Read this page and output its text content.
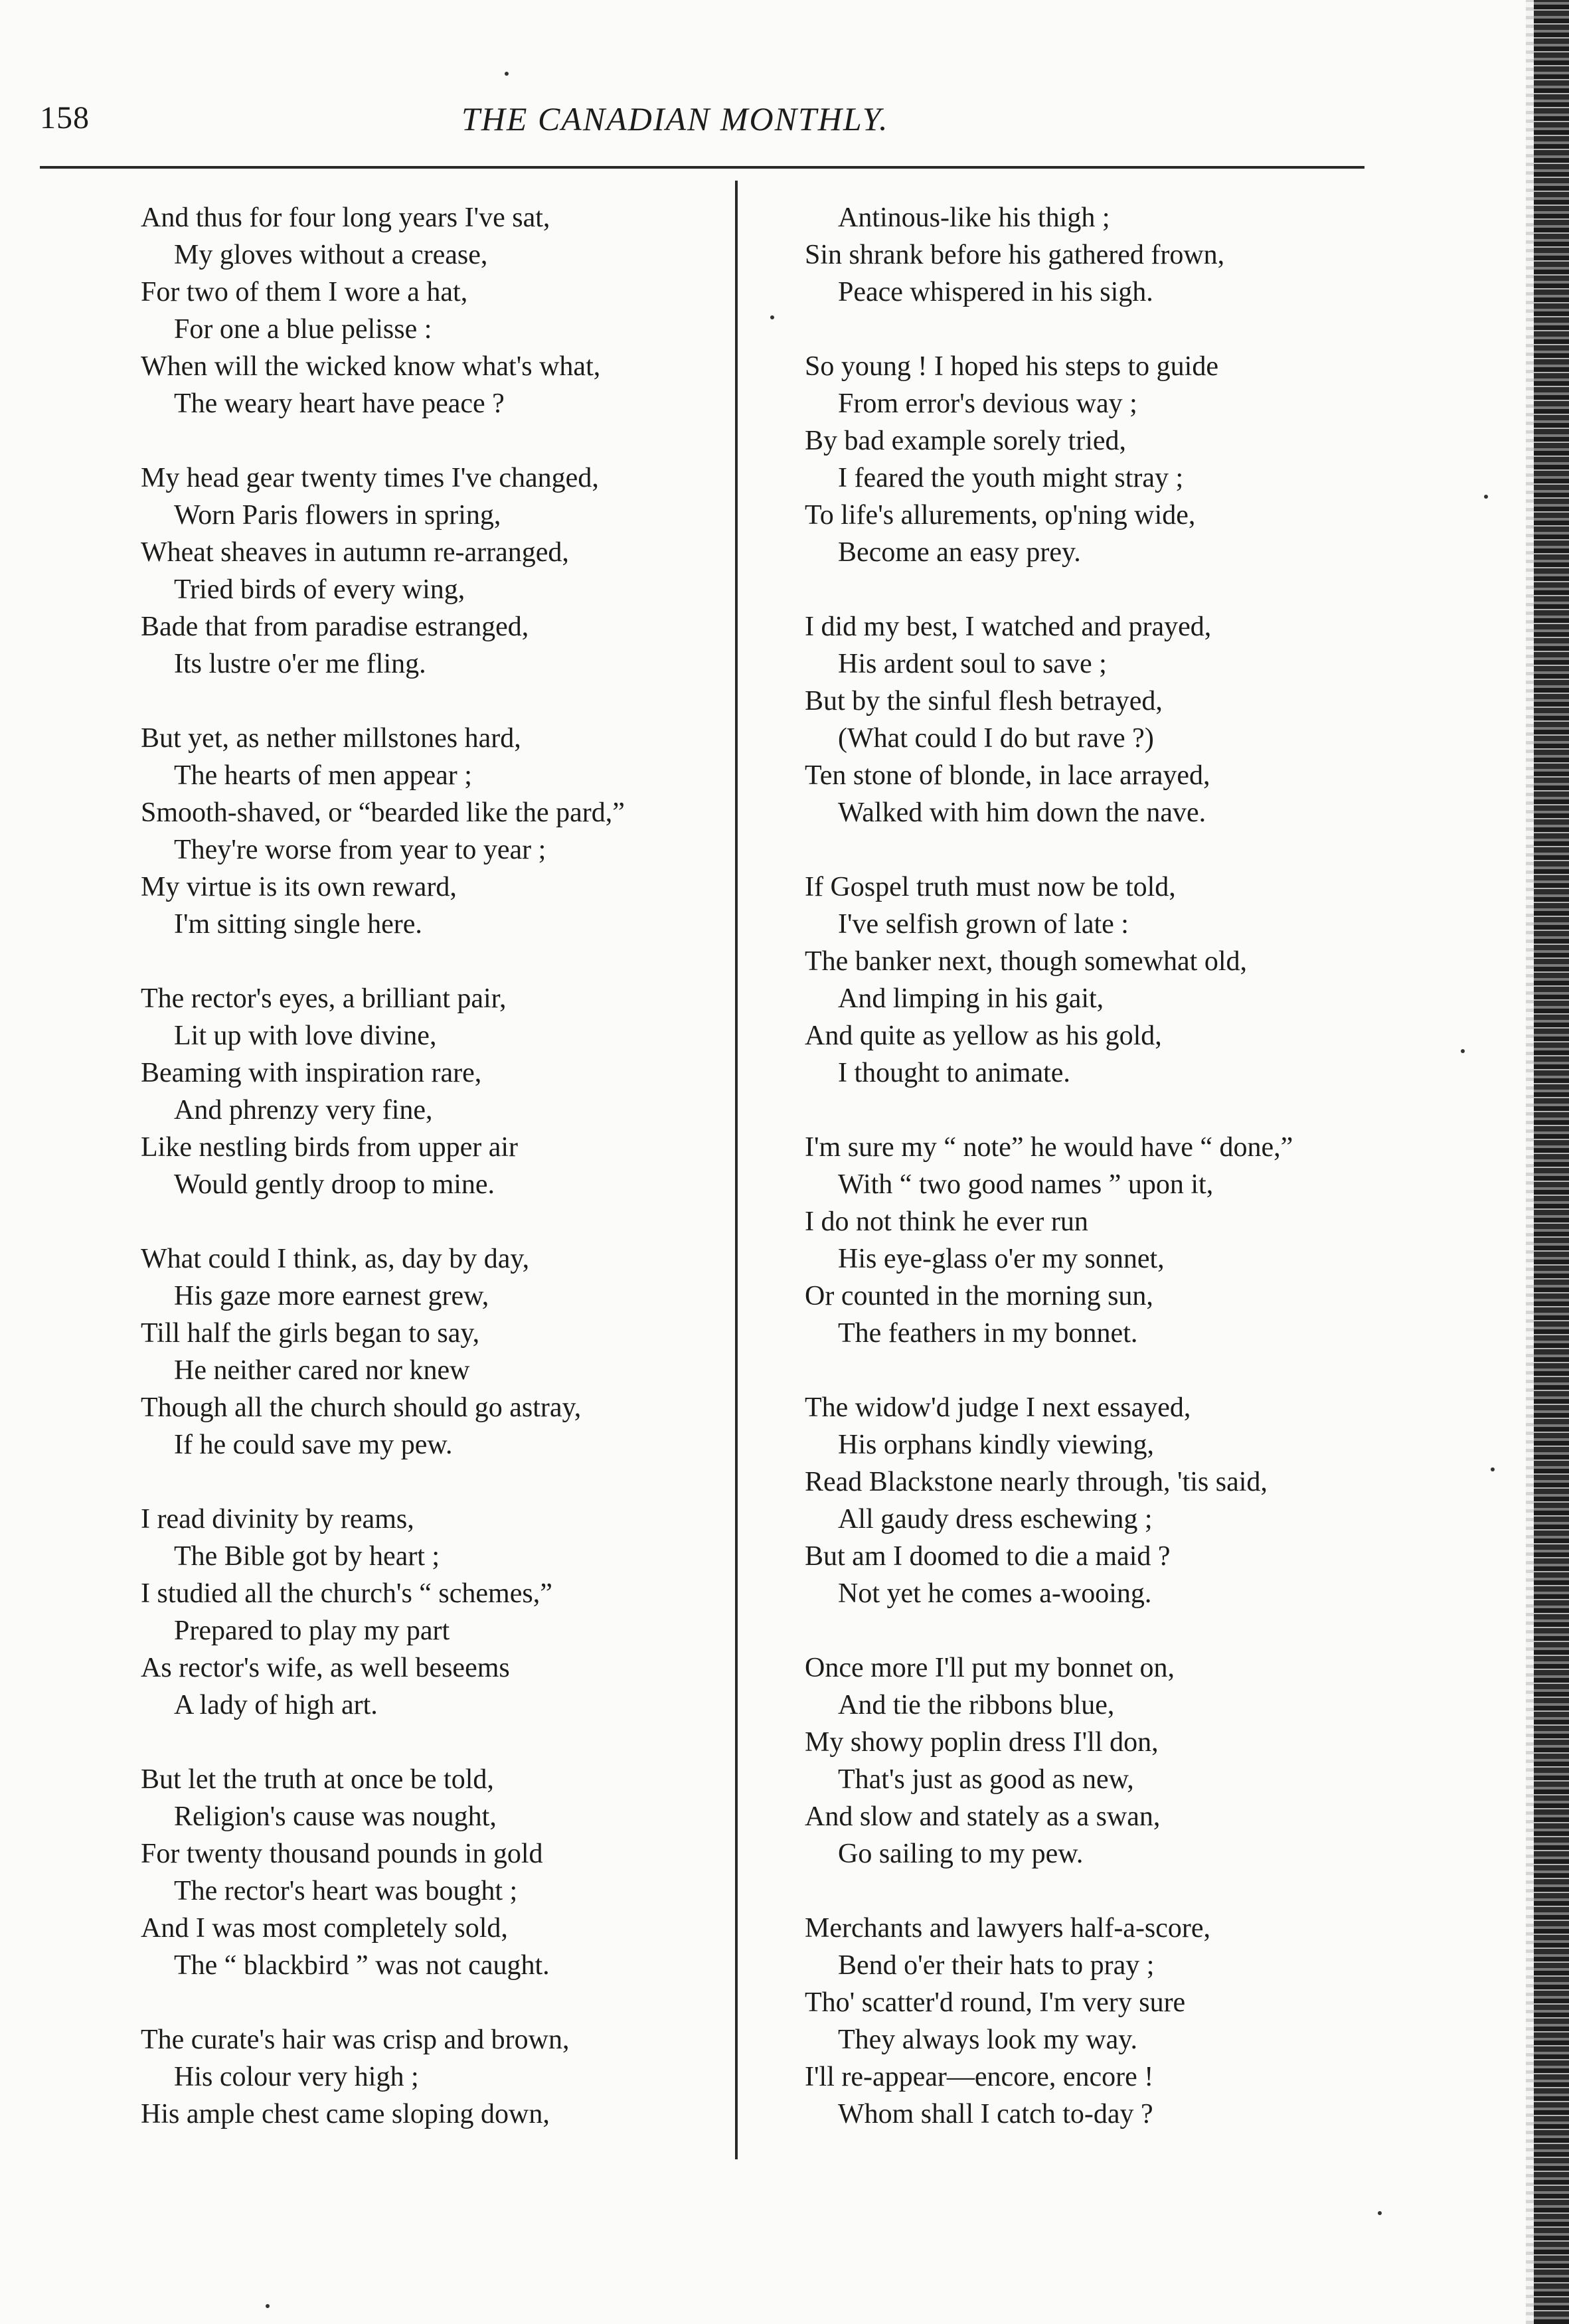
158	THE CANADIAN MONTHLY.
And thus for four long years I've sat,
My gloves without a crease,
For two of them I wore a hat,
For one a blue pelisse :
When will the wicked know what's what,
The weary heart have peace ?
My head gear twenty times I've changed,
Worn Paris flowers in spring,
Wheat sheaves in autumn re-arranged,
Tried birds of every wing,
Bade that from paradise estranged,
Its lustre o'er me fling.
But yet, as nether millstones hard,
The hearts of men appear ;
Smooth-shaved, or “bearded like the pard,”
They're worse from year to year ;
My virtue is its own reward,
I'm sitting single here.
The rector's eyes, a brilliant pair,
Lit up with love divine,
Beaming with inspiration rare,
And phrenzy very fine,
Like nestling birds from upper air
Would gently droop to mine.
What could I think, as, day by day,
His gaze more earnest grew,
Till half the girls began to say,
He neither cared nor knew
Though all the church should go astray,
If he could save my pew.
I read divinity by reams,
The Bible got by heart ;
I studied all the church's “ schemes,”
Prepared to play my part
As rector's wife, as well beseems
A lady of high art.
But let the truth at once be told,
Religion's cause was nought,
For twenty thousand pounds in gold
The rector's heart was bought ;
And I was most completely sold,
The “ blackbird ” was not caught.
The curate's hair was crisp and brown,
His colour very high ;
His ample chest came sloping down,
Antinous-like his thigh ;
Sin shrank before his gathered frown,
Peace whispered in his sigh.
So young ! I hoped his steps to guide
From error's devious way ;
By bad example sorely tried,
I feared the youth might stray ;
To life's allurements, op'ning wide,
Become an easy prey.
I did my best, I watched and prayed,
His ardent soul to save ;
But by the sinful flesh betrayed,
(What could I do but rave ?)
Ten stone of blonde, in lace arrayed,
Walked with him down the nave.
If Gospel truth must now be told,
I've selfish grown of late :
The banker next, though somewhat old,
And limping in his gait,
And quite as yellow as his gold,
I thought to animate.
I'm sure my “ note” he would have “ done,”
With “ two good names ” upon it,
I do not think he ever run
His eye-glass o'er my sonnet,
Or counted in the morning sun,
The feathers in my bonnet.
The widow'd judge I next essayed,
His orphans kindly viewing,
Read Blackstone nearly through, 'tis said,
All gaudy dress eschewing ;
But am I doomed to die a maid ?
Not yet he comes a-wooing.
Once more I'll put my bonnet on,
And tie the ribbons blue,
My showy poplin dress I'll don,
That's just as good as new,
And slow and stately as a swan,
Go sailing to my pew.
Merchants and lawyers half-a-score,
Bend o'er their hats to pray ;
Tho' scatter'd round, I'm very sure
They always look my way.
I'll re-appear—encore, encore !
Whom shall I catch to-day ?
